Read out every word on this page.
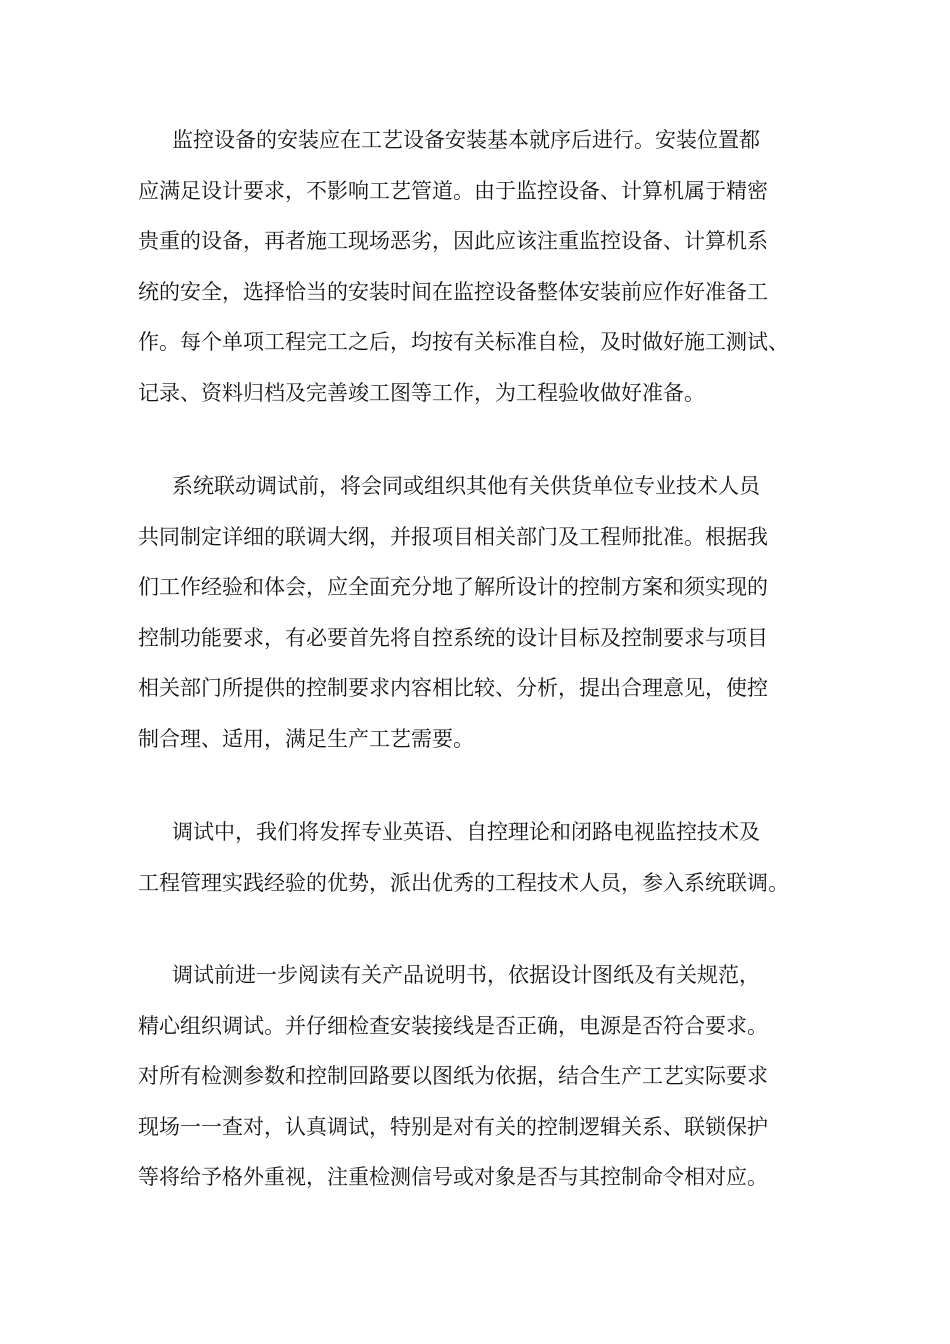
监控设备的安装应在工艺设备安装基本就序后进行。安装位置都
应满足设计要求，不影响工艺管道。由于监控设备、计算机属于精密
贵重的设备，再者施工现场恶劣，因此应该注重监控设备、计算机系
统的安全，选择恰当的安装时间在监控设备整体安装前应作好准备工
作。每个单项工程完工之后，均按有关标准自检，及时做好施工测试、
记录、资料归档及完善竣工图等工作，为工程验收做好准备。
系统联动调试前，将会同或组织其他有关供货单位专业技术人员
共同制定详细的联调大纲，并报项目相关部门及工程师批准。根据我
们工作经验和体会，应全面充分地了解所设计的控制方案和须实现的
控制功能要求，有必要首先将自控系统的设计目标及控制要求与项目
相关部门所提供的控制要求内容相比较、分析，提出合理意见，使控
制合理、适用，满足生产工艺需要。
调试中，我们将发挥专业英语、自控理论和闭路电视监控技术及
工程管理实践经验的优势，派出优秀的工程技术人员，参入系统联调。
调试前进一步阅读有关产品说明书，依据设计图纸及有关规范，
精心组织调试。并仔细检查安装接线是否正确，电源是否符合要求。
对所有检测参数和控制回路要以图纸为依据，结合生产工艺实际要求
现场一一查对，认真调试，特别是对有关的控制逻辑关系、联锁保护
等将给予格外重视，注重检测信号或对象是否与其控制命令相对应。
